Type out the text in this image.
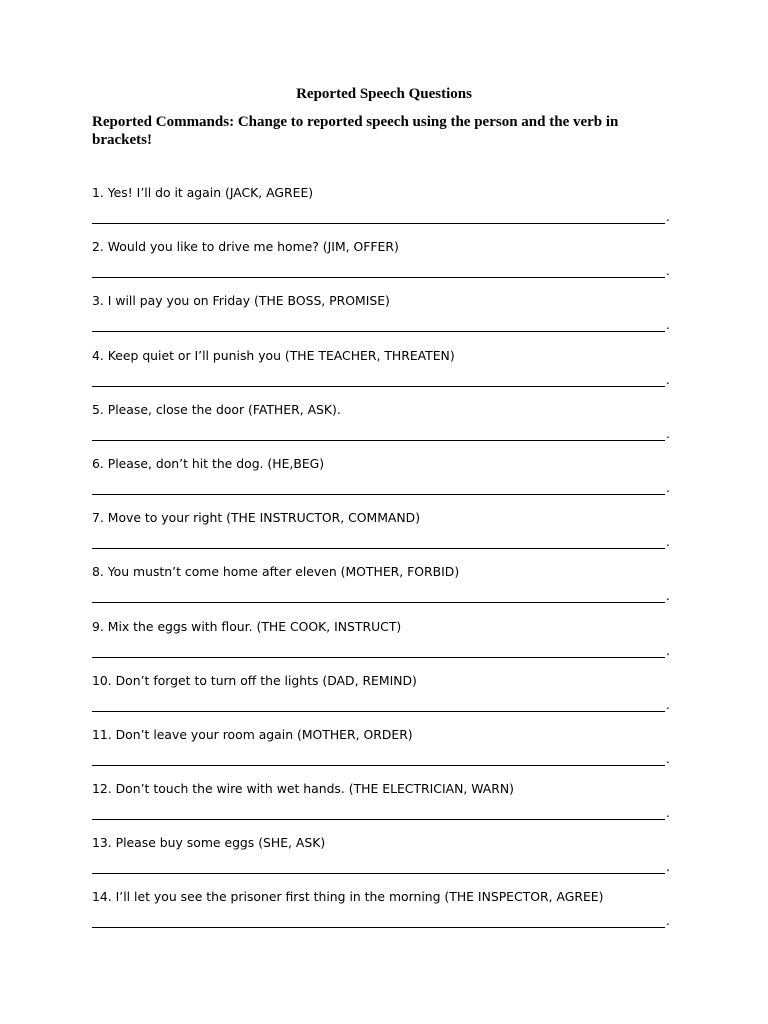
Reported Speech Questions
Reported Commands: Change to reported speech using the person and the verb in brackets!
1. Yes! I’ll do it again (JACK, AGREE)
.
2. Would you like to drive me home? (JIM, OFFER)
.
3. I will pay you on Friday (THE BOSS, PROMISE)
.
4. Keep quiet or I’ll punish you (THE TEACHER, THREATEN)
.
5. Please, close the door (FATHER, ASK).
.
6. Please, don’t hit the dog. (HE,BEG)
.
7. Move to your right (THE INSTRUCTOR, COMMAND)
.
8. You mustn’t come home after eleven (MOTHER, FORBID)
.
9. Mix the eggs with flour. (THE COOK, INSTRUCT)
.
10. Don’t forget to turn off the lights (DAD, REMIND)
.
11. Don’t leave your room again (MOTHER, ORDER)
.
12. Don’t touch the wire with wet hands. (THE ELECTRICIAN, WARN)
.
13. Please buy some eggs (SHE, ASK)
.
14. I’ll let you see the prisoner first thing in the morning (THE INSPECTOR, AGREE)
.
